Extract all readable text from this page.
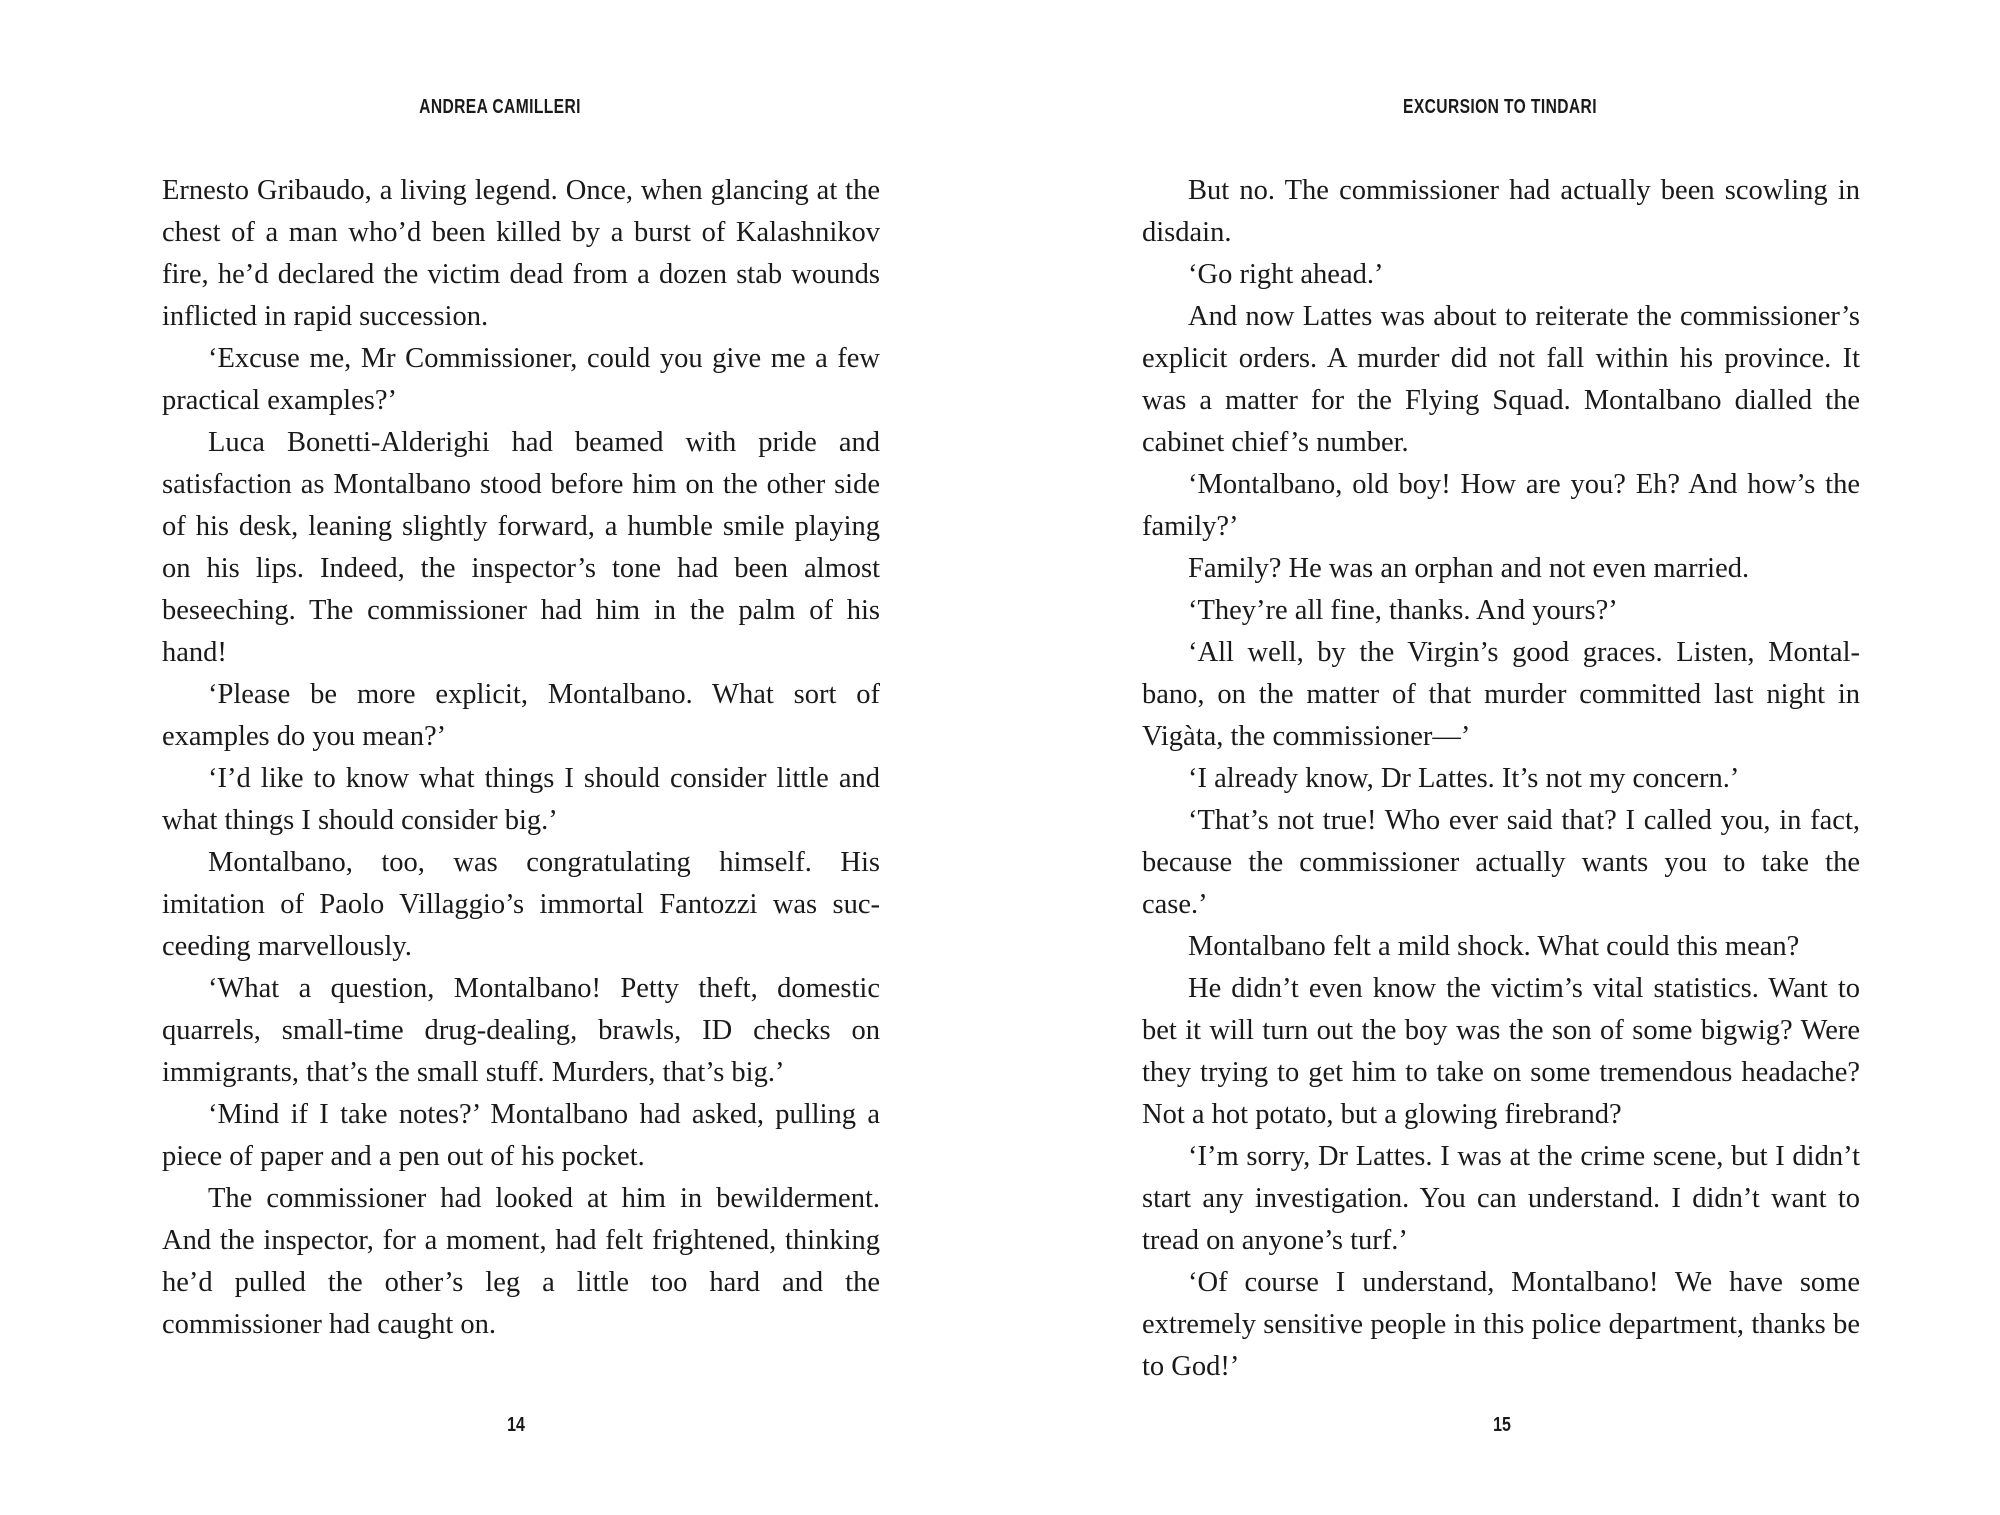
ANDREA CAMILLERI

Ernesto Gribaudo, a living legend. Once, when glancing at the chest of a man who’d been killed by a burst of Kalashnikov fire, he’d declared the victim dead from a dozen stab wounds inflicted in rapid succession.

‘Excuse me, Mr Commissioner, could you give me a few practical examples?’

Luca Bonetti-Alderighi had beamed with pride and satisfaction as Montalbano stood before him on the other side of his desk, leaning slightly forward, a humble smile playing on his lips. Indeed, the inspector’s tone had been almost beseeching. The commissioner had him in the palm of his hand!

‘Please be more explicit, Montalbano. What sort of examples do you mean?’

‘I’d like to know what things I should consider little and what things I should consider big.’

Montalbano, too, was congratulating himself. His imitation of Paolo Villaggio’s immortal Fantozzi was succeeding marvellously.

‘What a question, Montalbano! Petty theft, domestic quarrels, small-time drug-dealing, brawls, ID checks on immigrants, that’s the small stuff. Murders, that’s big.’

‘Mind if I take notes?’ Montalbano had asked, pulling a piece of paper and a pen out of his pocket.

The commissioner had looked at him in bewilderment. And the inspector, for a moment, had felt frightened, thinking he’d pulled the other’s leg a little too hard and the commissioner had caught on.

14
EXCURSION TO TINDARI

But no. The commissioner had actually been scowling in disdain.

‘Go right ahead.’

And now Lattes was about to reiterate the commissioner’s explicit orders. A murder did not fall within his province. It was a matter for the Flying Squad. Montalbano dialled the cabinet chief’s number.

‘Montalbano, old boy! How are you? Eh? And how’s the family?’

Family? He was an orphan and not even married.

‘They’re all fine, thanks. And yours?’

‘All well, by the Virgin’s good graces. Listen, Montalbano, on the matter of that murder committed last night in Vigàta, the commissioner—’

‘I already know, Dr Lattes. It’s not my concern.’

‘That’s not true! Who ever said that? I called you, in fact, because the commissioner actually wants you to take the case.’

Montalbano felt a mild shock. What could this mean?

He didn’t even know the victim’s vital statistics. Want to bet it will turn out the boy was the son of some bigwig? Were they trying to get him to take on some tremendous headache? Not a hot potato, but a glowing firebrand?

‘I’m sorry, Dr Lattes. I was at the crime scene, but I didn’t start any investigation. You can understand. I didn’t want to tread on anyone’s turf.’

‘Of course I understand, Montalbano! We have some extremely sensitive people in this police department, thanks be to God!’

15
